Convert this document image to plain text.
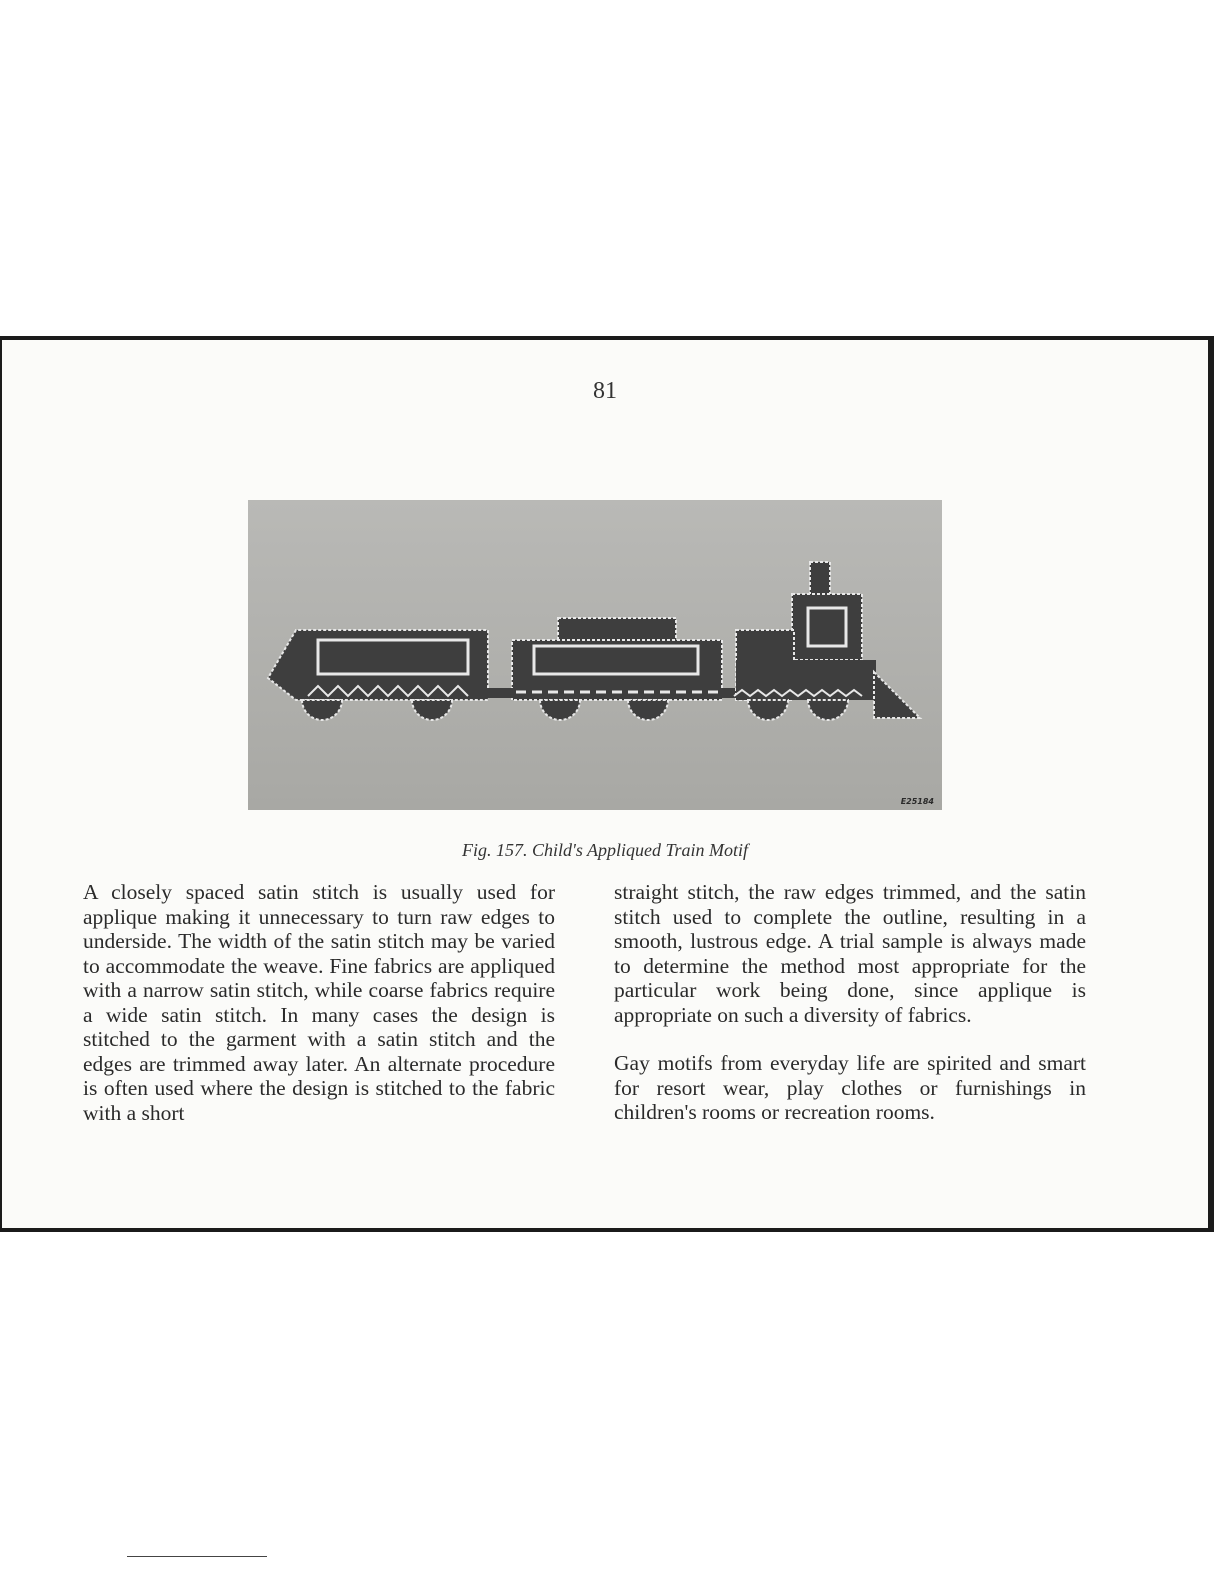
81
E25184
Fig. 157. Child's Appliqued Train Motif

A closely spaced satin stitch is usually used for applique making it unnecessary to turn raw edges to underside. The width of the satin stitch may be varied to accommodate the weave. Fine fabrics are appliqued with a narrow satin stitch, while coarse fabrics require a wide satin stitch. In many cases the design is stitched to the garment with a satin stitch and the edges are trimmed away later. An alternate procedure is often used where the design is stitched to the fabric with a short

straight stitch, the raw edges trimmed, and the satin stitch used to complete the outline, resulting in a smooth, lustrous edge. A trial sample is always made to determine the method most appropriate for the particular work being done, since applique is appropriate on such a diversity of fabrics.

Gay motifs from everyday life are spirited and smart for resort wear, play clothes or furnishings in children's rooms or recreation rooms.
